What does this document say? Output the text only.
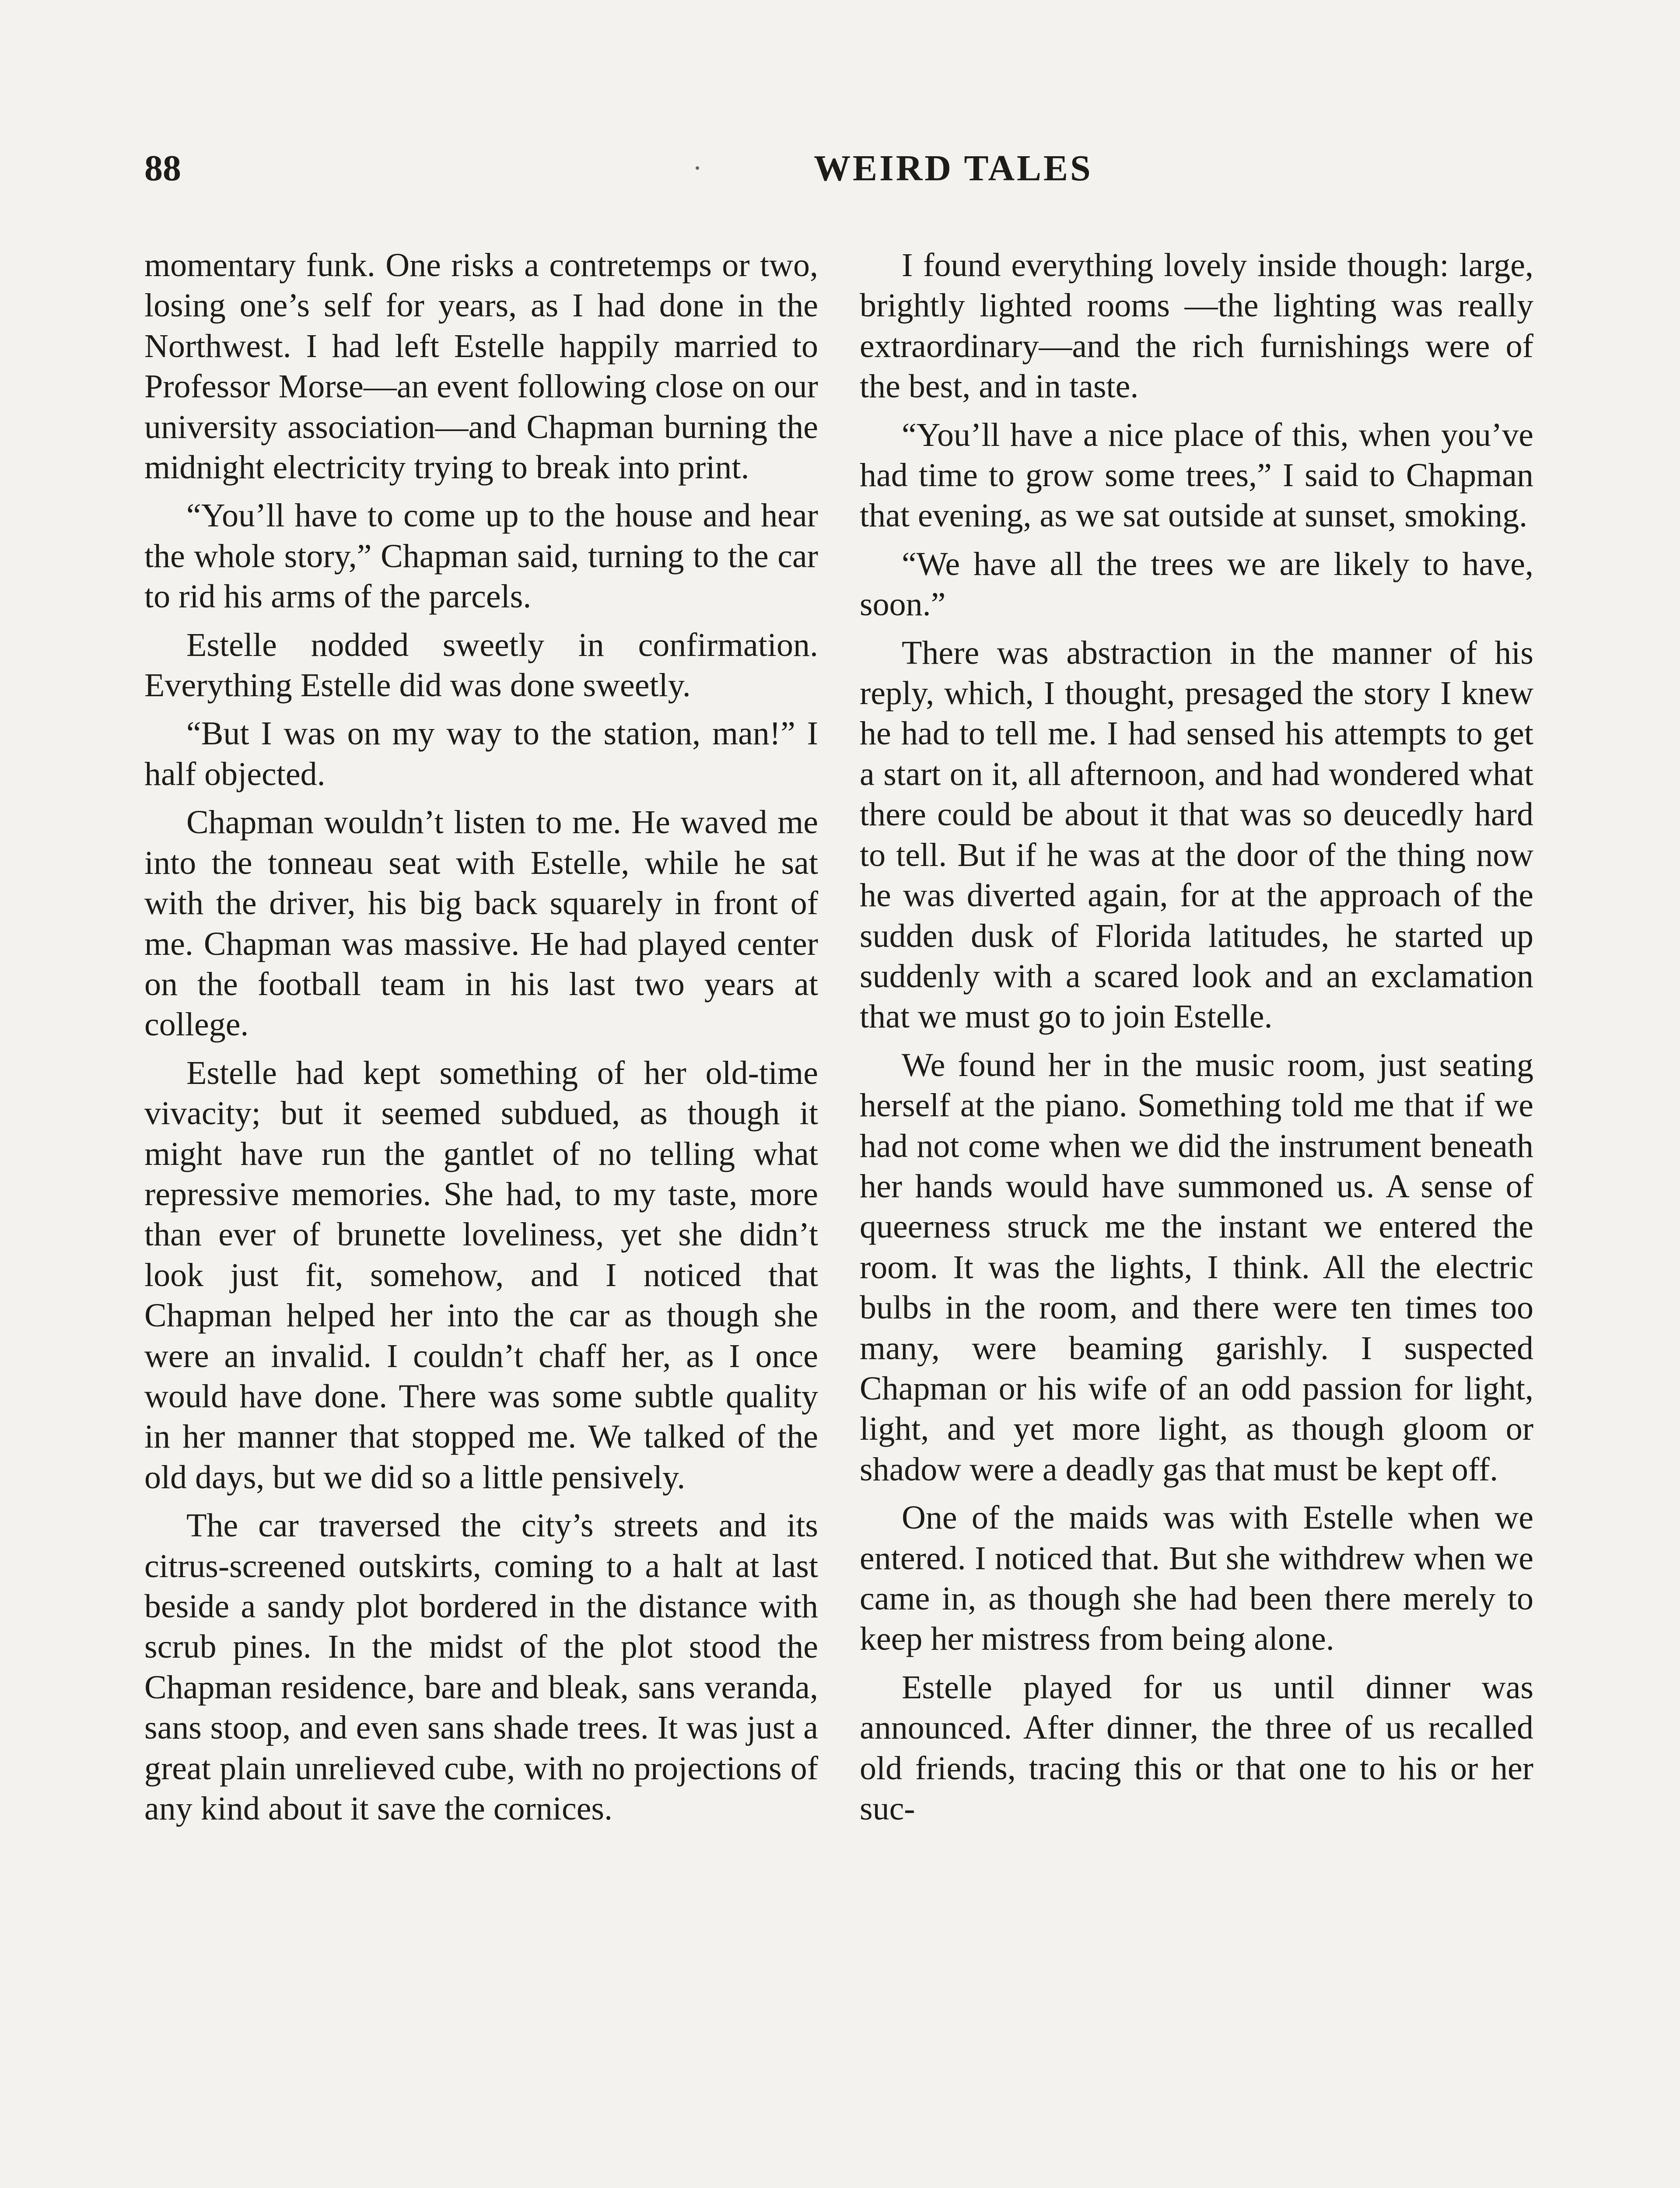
88	WEIRD TALES

momentary funk. One risks a contretemps or two, losing one’s self for years, as I had done in the Northwest. I had left Estelle happily married to Professor Morse—an event following close on our university association—and Chapman burning the midnight electricity trying to break into print.

“You’ll have to come up to the house and hear the whole story,” Chapman said, turning to the car to rid his arms of the parcels.

Estelle nodded sweetly in confirmation. Everything Estelle did was done sweetly.

“But I was on my way to the station, man!” I half objected.

Chapman wouldn’t listen to me. He waved me into the tonneau seat with Estelle, while he sat with the driver, his big back squarely in front of me. Chapman was massive. He had played center on the football team in his last two years at college.

Estelle had kept something of her old-time vivacity; but it seemed subdued, as though it might have run the gantlet of no telling what repressive memories. She had, to my taste, more than ever of brunette loveliness, yet she didn’t look just fit, somehow, and I noticed that Chapman helped her into the car as though she were an invalid. I couldn’t chaff her, as I once would have done. There was some subtle quality in her manner that stopped me. We talked of the old days, but we did so a little pensively.

The car traversed the city’s streets and its citrus-screened outskirts, coming to a halt at last beside a sandy plot bordered in the distance with scrub pines. In the midst of the plot stood the Chapman residence, bare and bleak, sans veranda, sans stoop, and even sans shade trees. It was just a great plain unrelieved cube, with no projections of any kind about it save the cornices.

I found everything lovely inside though: large, brightly lighted rooms —the lighting was really extraordinary—and the rich furnishings were of the best, and in taste.

“You’ll have a nice place of this, when you’ve had time to grow some trees,” I said to Chapman that evening, as we sat outside at sunset, smoking.

“We have all the trees we are likely to have, soon.”

There was abstraction in the manner of his reply, which, I thought, presaged the story I knew he had to tell me. I had sensed his attempts to get a start on it, all afternoon, and had wondered what there could be about it that was so deucedly hard to tell. But if he was at the door of the thing now he was diverted again, for at the approach of the sudden dusk of Florida latitudes, he started up suddenly with a scared look and an exclamation that we must go to join Estelle.

We found her in the music room, just seating herself at the piano. Something told me that if we had not come when we did the instrument beneath her hands would have summoned us. A sense of queerness struck me the instant we entered the room. It was the lights, I think. All the electric bulbs in the room, and there were ten times too many, were beaming garishly. I suspected Chapman or his wife of an odd passion for light, light, and yet more light, as though gloom or shadow were a deadly gas that must be kept off.

One of the maids was with Estelle when we entered. I noticed that. But she withdrew when we came in, as though she had been there merely to keep her mistress from being alone.

Estelle played for us until dinner was announced. After dinner, the three of us recalled old friends, tracing this or that one to his or her suc-
